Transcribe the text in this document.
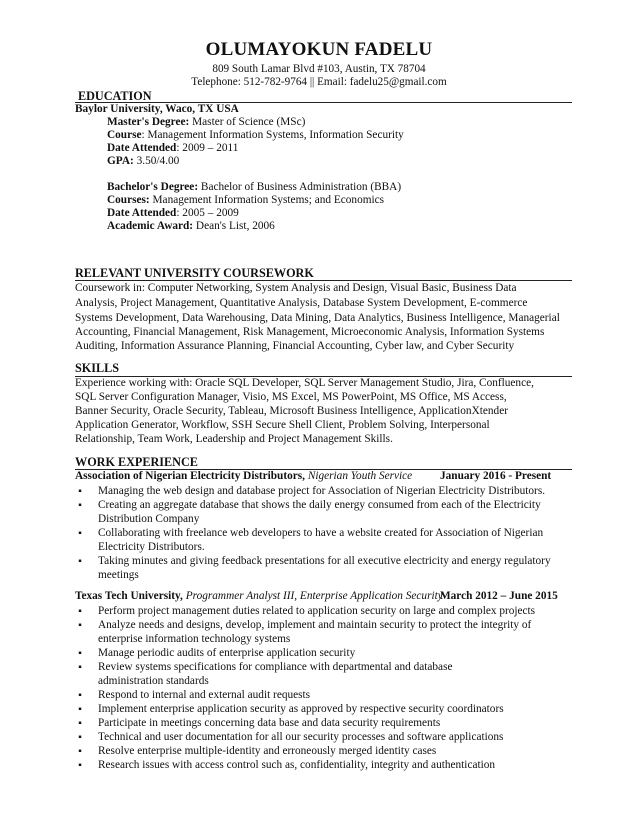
OLUMAYOKUN FADELU
809 South Lamar Blvd #103, Austin, TX 78704
Telephone: 512-782-9764 || Email: fadelu25@gmail.com
EDUCATION
Baylor University, Waco, TX USA
Master's Degree: Master of Science (MSc)
Course: Management Information Systems, Information Security
Date Attended: 2009 – 2011
GPA: 3.50/4.00
Bachelor's Degree: Bachelor of Business Administration (BBA)
Courses: Management Information Systems; and Economics
Date Attended: 2005 – 2009
Academic Award: Dean's List, 2006
RELEVANT UNIVERSITY COURSEWORK
Coursework in: Computer Networking, System Analysis and Design, Visual Basic, Business Data
Analysis, Project Management, Quantitative Analysis, Database System Development, E-commerce
Systems Development, Data Warehousing, Data Mining, Data Analytics, Business Intelligence, Managerial
Accounting, Financial Management, Risk Management, Microeconomic Analysis, Information Systems
Auditing, Information Assurance Planning, Financial Accounting, Cyber law, and Cyber Security
SKILLS
Experience working with: Oracle SQL Developer, SQL Server Management Studio, Jira, Confluence,
SQL Server Configuration Manager, Visio, MS Excel, MS PowerPoint, MS Office, MS Access,
Banner Security, Oracle Security, Tableau, Microsoft Business Intelligence, ApplicationXtender
Application Generator, Workflow, SSH Secure Shell Client, Problem Solving, Interpersonal
Relationship, Team Work, Leadership and Project Management Skills.
WORK EXPERIENCE
Association of Nigerian Electricity Distributors, Nigerian Youth Service January 2016 - Present
▪ Managing the web design and database project for Association of Nigerian Electricity Distributors.
▪ Creating an aggregate database that shows the daily energy consumed from each of the Electricity
Distribution Company
▪ Collaborating with freelance web developers to have a website created for Association of Nigerian
Electricity Distributors.
▪ Taking minutes and giving feedback presentations for all executive electricity and energy regulatory
meetings
Texas Tech University, Programmer Analyst III, Enterprise Application Security
March 2012 – June 2015
▪ Perform project management duties related to application security on large and complex projects
▪ Analyze needs and designs, develop, implement and maintain security to protect the integrity of
enterprise information technology systems
▪ Manage periodic audits of enterprise application security
▪ Review systems specifications for compliance with departmental and database
administration standards
▪ Respond to internal and external audit requests
▪ Implement enterprise application security as approved by respective security coordinators
▪ Participate in meetings concerning data base and data security requirements
▪ Technical and user documentation for all our security processes and software applications
▪ Resolve enterprise multiple-identity and erroneously merged identity cases
▪ Research issues with access control such as, confidentiality, integrity and authentication
